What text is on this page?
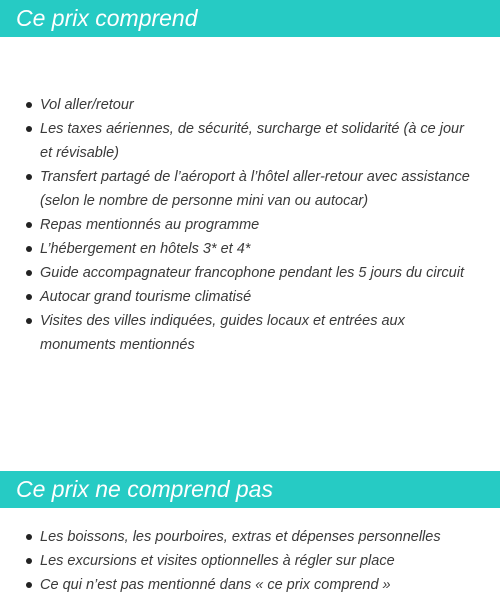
Ce prix comprend
Vol aller/retour
Les taxes aériennes, de sécurité, surcharge et solidarité (à ce jour et révisable)
Transfert partagé de l’aéroport à l’hôtel aller-retour avec assistance (selon le nombre de personne mini van ou autocar)
Repas mentionnés au programme
L’hébergement en hôtels 3* et 4*
Guide accompagnateur francophone pendant les 5 jours du circuit
Autocar grand tourisme climatisé
Visites des villes indiquées, guides locaux et entrées aux monuments mentionnés
Ce prix ne comprend pas
Les boissons, les pourboires, extras et dépenses personnelles
Les excursions et visites optionnelles à régler sur place
Ce qui n’est pas mentionné dans « ce prix comprend »
